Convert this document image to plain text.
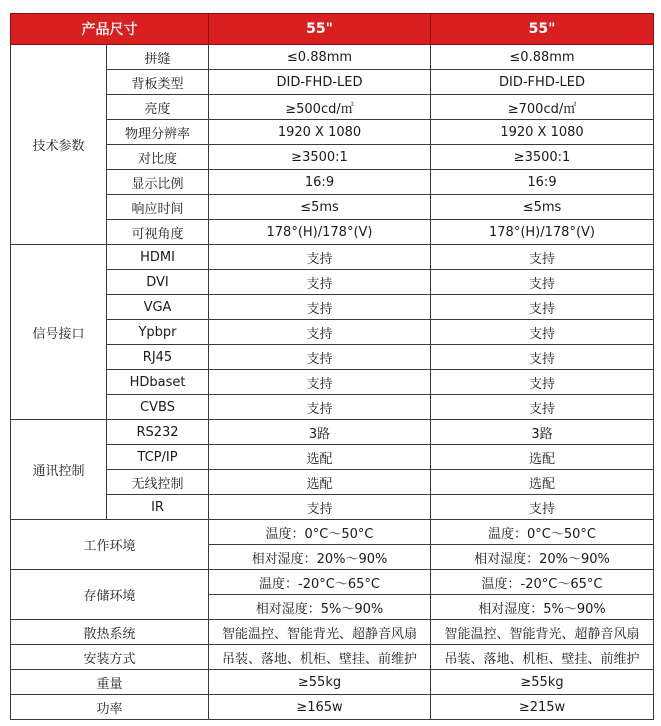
产品尺寸		55"	55"
技术参数	拼缝	≤0.88mm	≤0.88mm
	背板类型	DID-FHD-LED	DID-FHD-LED
	亮度	≥500cd/㎡	≥700cd/㎡
	物理分辨率	1920 X 1080	1920 X 1080
	对比度	≥3500:1	≥3500:1
	显示比例	16:9	16:9
	响应时间	≤5ms	≤5ms
	可视角度	178°(H)/178°(V)	178°(H)/178°(V)
信号接口	HDMI	支持	支持
	DVI	支持	支持
	VGA	支持	支持
	Ypbpr	支持	支持
	RJ45	支持	支持
	HDbaset	支持	支持
	CVBS	支持	支持
通讯控制	RS232	3路	3路
	TCP/IP	选配	选配
	无线控制	选配	选配
	IR	支持	支持
工作环境		温度：0°C～50°C	温度：0°C～50°C
		相对湿度：20%～90%	相对湿度：20%～90%
存储环境		温度：-20°C～65°C	温度：-20°C～65°C
		相对湿度：5%～90%	相对湿度：5%～90%
散热系统		智能温控、智能背光、超静音风扇	智能温控、智能背光、超静音风扇
安装方式		吊装、落地、机柜、壁挂、前维护	吊装、落地、机柜、壁挂、前维护
重量		≥55kg	≥55kg
功率		≥165w	≥215w
